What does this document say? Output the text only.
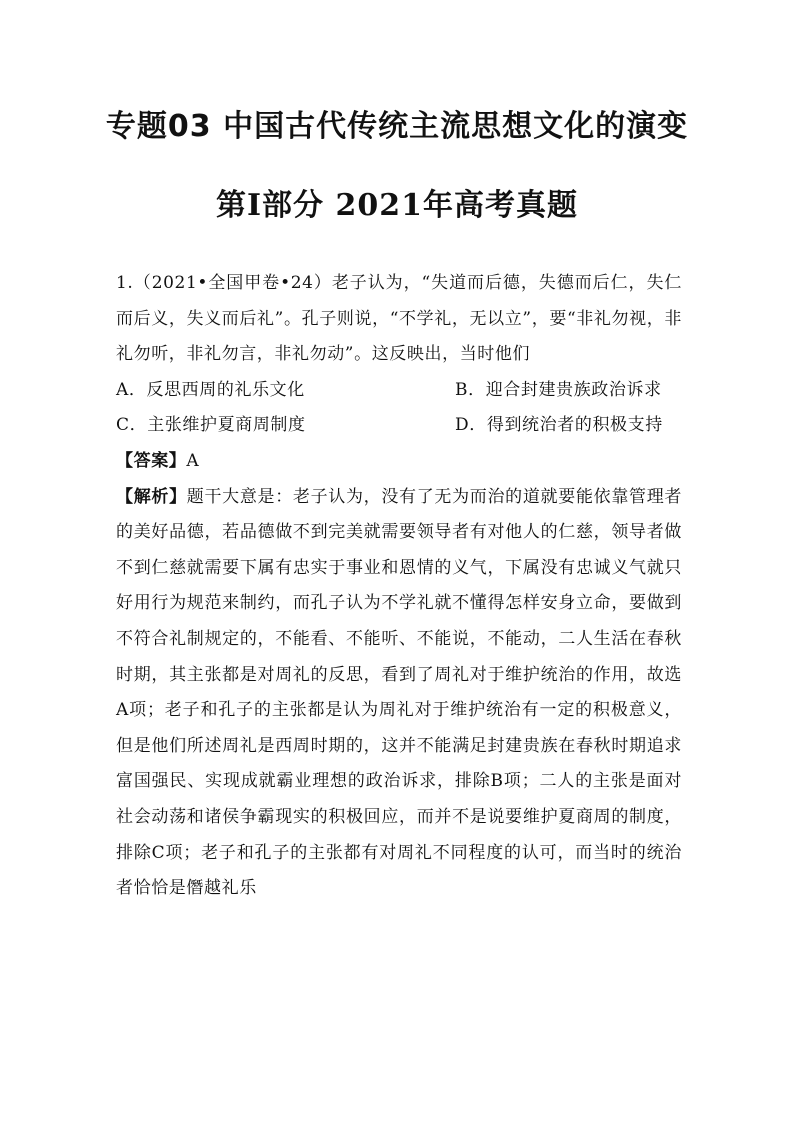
专题03 中国古代传统主流思想文化的演变
第Ⅰ部分 2021年高考真题

1.（2021•全国甲卷•24）老子认为，“失道而后德，失德而后仁，失仁而后义，失义而后礼”。孔子则说，“不学礼，无以立”，要“非礼勿视，非礼勿听，非礼勿言，非礼勿动”。这反映出，当时他们

A．反思西周的礼乐文化	B．迎合封建贵族政治诉求
C．主张维护夏商周制度	D．得到统治者的积极支持

【答案】A

【解析】题干大意是：老子认为，没有了无为而治的道就要能依靠管理者的美好品德，若品德做不到完美就需要领导者有对他人的仁慈，领导者做不到仁慈就需要下属有忠实于事业和恩情的义气，下属没有忠诚义气就只好用行为规范来制约，而孔子认为不学礼就不懂得怎样安身立命，要做到不符合礼制规定的，不能看、不能听、不能说，不能动，二人生活在春秋时期，其主张都是对周礼的反思，看到了周礼对于维护统治的作用，故选A项；老子和孔子的主张都是认为周礼对于维护统治有一定的积极意义，但是他们所述周礼是西周时期的，这并不能满足封建贵族在春秋时期追求富国强民、实现成就霸业理想的政治诉求，排除B项；二人的主张是面对社会动荡和诸侯争霸现实的积极回应，而并不是说要维护夏商周的制度，排除C项；老子和孔子的主张都有对周礼不同程度的认可，而当时的统治者恰恰是僭越礼乐
